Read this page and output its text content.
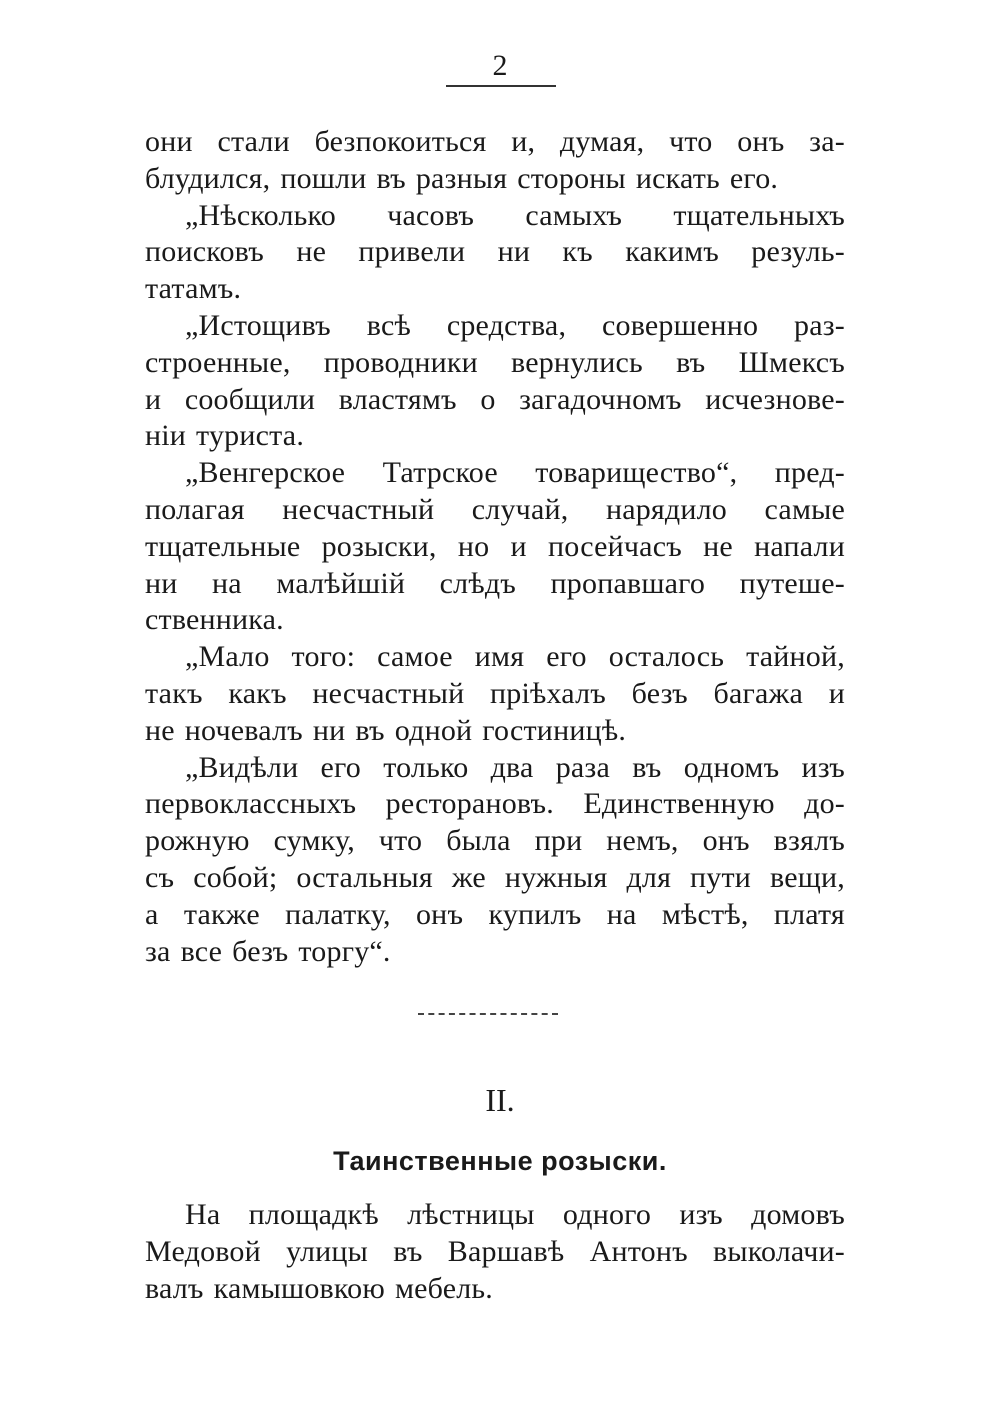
2
они стали безпокоиться и, думая, что онъ за-
блудился, пошли въ разныя стороны искать его.
„Нѣсколько часовъ самыхъ тщательныхъ
поисковъ не привели ни къ какимъ резуль-
татамъ.
„Истощивъ всѣ средства, совершенно раз-
строенные, проводники вернулись въ Шмексъ
и сообщили властямъ о загадочномъ исчезнове-
нiи туриста.
„Венгерское Татрское товарищество“, пред-
полагая несчастный случай, нарядило самые
тщательные розыски, но и посейчасъ не напали
ни на малѣйшiй слѣдъ пропавшаго путеше-
ственника.
„Мало того: самое имя его осталось тайной,
такъ какъ несчастный прiѣхалъ безъ багажа и
не ночевалъ ни въ одной гостиницѣ.
„Видѣли его только два раза въ одномъ изъ
первоклассныхъ ресторановъ. Единственную до-
рожную сумку, что была при немъ, онъ взялъ
съ собой; остальныя же нужныя для пути вещи,
а также палатку, онъ купилъ на мѣстѣ, платя
за все безъ торгу“.
II.
Таинственные розыски.
На площадкѣ лѣстницы одного изъ домовъ
Медовой улицы въ Варшавѣ Антонъ выколачи-
валъ камышовкою мебель.
